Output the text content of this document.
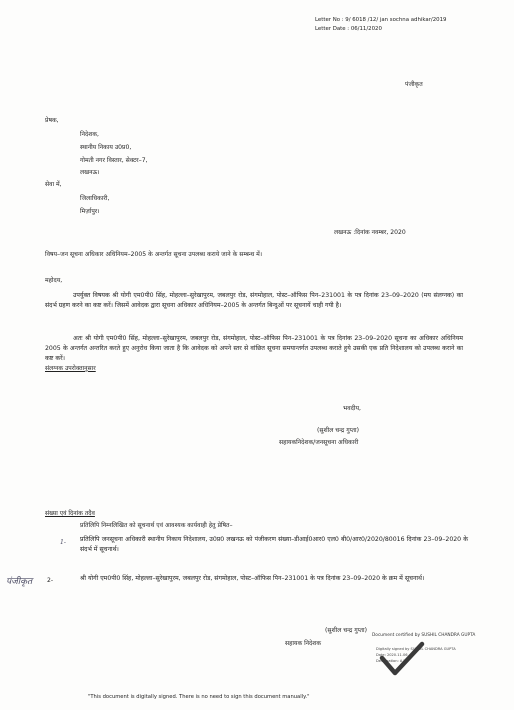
Letter No : 9/ 6018 /12/ jan sochna adhikar/2019
Letter Date : 06/11/2020
पंजीकृत
प्रेषक,
निदेशक,
स्थानीय निकाय उ0प्र0,
गोमती नगर विस्तार, सेक्टर–7,
लखनऊ।
सेवा में,
जिलाधिकारी,
मिर्ज़ापुर।
लखनऊ :दिनांक नवम्बर, 2020
विषय–जन सूचना अधिकार अधिनियम–2005 के अन्तर्गत सूचना उपलब्ध कराये जाने के सम्बन्ध में।
महोदय,
उपर्युक्त विषयक श्री योगी एम0पी0 सिंह, मोहल्ला–सुरेखापुरम, जबलपुर रोड, संगमोहाल, पोस्ट–ऑफिस पिन–231001 के पत्र दिनांक 23–09–2020 (मय संलग्नक) का संदर्भ ग्रहण करने का कष्ट करें। जिसमें आवेदक द्वारा सूचना अधिकार अधिनियम–2005 के अन्तर्गत बिन्दुओं पर सूचनायें चाही गयी है।
अतः श्री योगी एम0पी0 सिंह, मोहल्ला–सुरेखापुरम, जबलपुर रोड, संगमोहाल, पोस्ट–ऑफिस पिन–231001 के पत्र दिनांक 23–09–2020 सूचना का अधिकार अधिनियम 2005 के अन्तर्गत अन्तरित करते हुए अनुरोध किया जाता है कि आवेदक को अपने स्तर से वांछित सूचना समयान्तर्गत उपलब्ध कराते हुये उसकी एक प्रति निदेशालय को उपलब्ध कराने का कष्ट करें।
संलग्नक उपरोक्तानुसार
भवदीय,
(सुशील चन्द्र गुप्ता)
सहायकनिदेशक/जनसूचना अधिकारी
संख्या एवं दिनांक तदैव
प्रतिलिपि निम्नलिखित को सूचनार्थ एवं आवश्यक कार्यवाही हेतु प्रेषित–
1- प्रतिलिपि जनसूचना अधिकारी स्थानीय निकाय निदेशालय, उ0प्र0 लखनऊ को पंजीकरण संख्या–डीआई0आर0 एल0 बी0/आर0/2020/80016 दिनांक 23–09–2020 के संदर्भ में सूचनार्थ।
पंजीकृत 2-	श्री योगी एम0पी0 सिंह, मोहल्ला–सुरेखापुरम, जबलपुर रोड, संगमोहाल, पोस्ट–ऑफिस पिन–231001 के पत्र दिनांक 23–09–2020 के क्रम में सूचनार्थ।
(सुशील चन्द्र गुप्ता)
सहायक निदेशक
Document certified by SUSHIL CHANDRA GUPTA
Digitally signed by SUSHIL CHANDRA GUPTA
Date: 2020.11.06
Designation: A.D.
"This document is digitally signed. There is no need to sign this document manually."
